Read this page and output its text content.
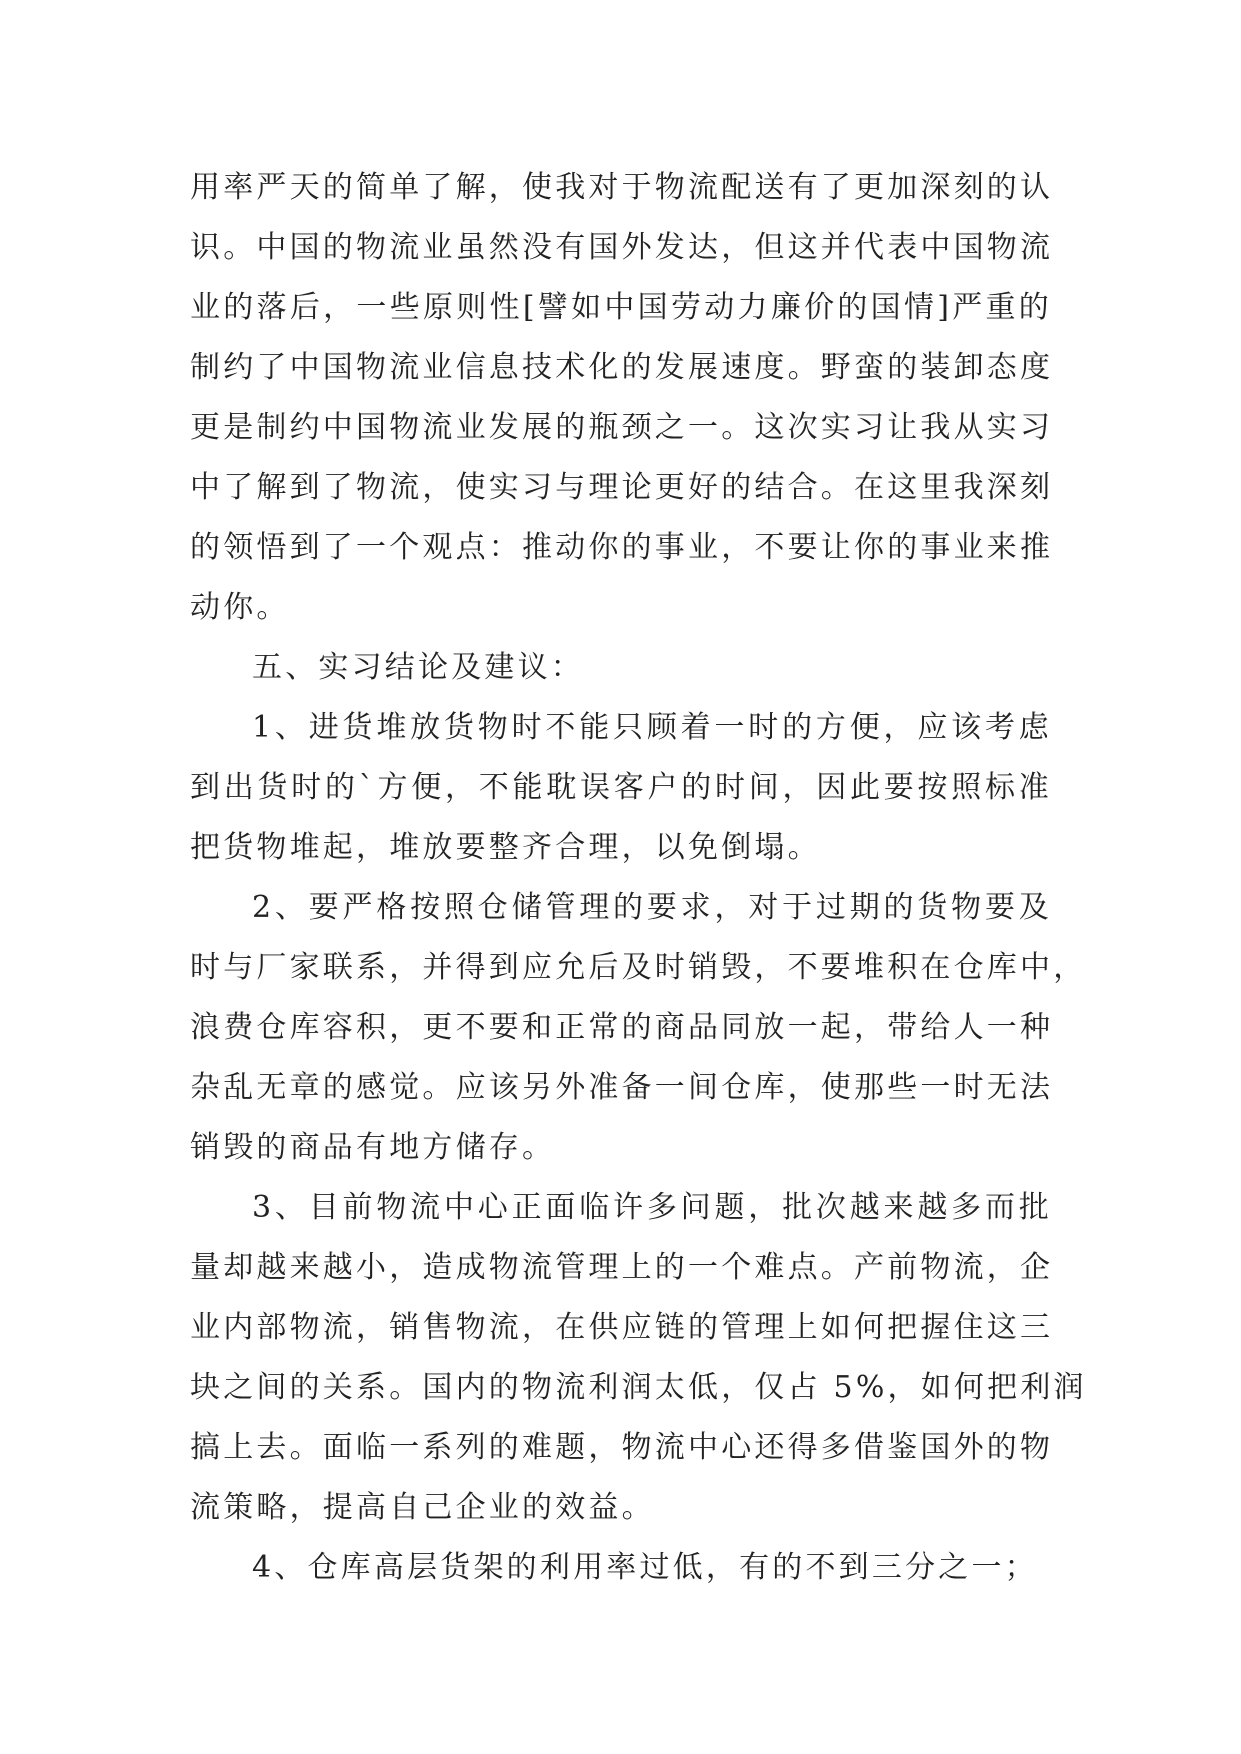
用率严天的简单了解，使我对于物流配送有了更加深刻的认
识。中国的物流业虽然没有国外发达，但这并代表中国物流
业的落后，一些原则性[譬如中国劳动力廉价的国情]严重的
制约了中国物流业信息技术化的发展速度。野蛮的装卸态度
更是制约中国物流业发展的瓶颈之一。这次实习让我从实习
中了解到了物流，使实习与理论更好的结合。在这里我深刻
的领悟到了一个观点：推动你的事业，不要让你的事业来推
动你。
五、实习结论及建议：
1、进货堆放货物时不能只顾着一时的方便，应该考虑
到出货时的`方便，不能耽误客户的时间，因此要按照标准
把货物堆起，堆放要整齐合理，以免倒塌。
2、要严格按照仓储管理的要求，对于过期的货物要及
时与厂家联系，并得到应允后及时销毁，不要堆积在仓库中，
浪费仓库容积，更不要和正常的商品同放一起，带给人一种
杂乱无章的感觉。应该另外准备一间仓库，使那些一时无法
销毁的商品有地方储存。
3、目前物流中心正面临许多问题，批次越来越多而批
量却越来越小，造成物流管理上的一个难点。产前物流，企
业内部物流，销售物流，在供应链的管理上如何把握住这三
块之间的关系。国内的物流利润太低，仅占 5%，如何把利润
搞上去。面临一系列的难题，物流中心还得多借鉴国外的物
流策略，提高自己企业的效益。
4、仓库高层货架的利用率过低，有的不到三分之一；
